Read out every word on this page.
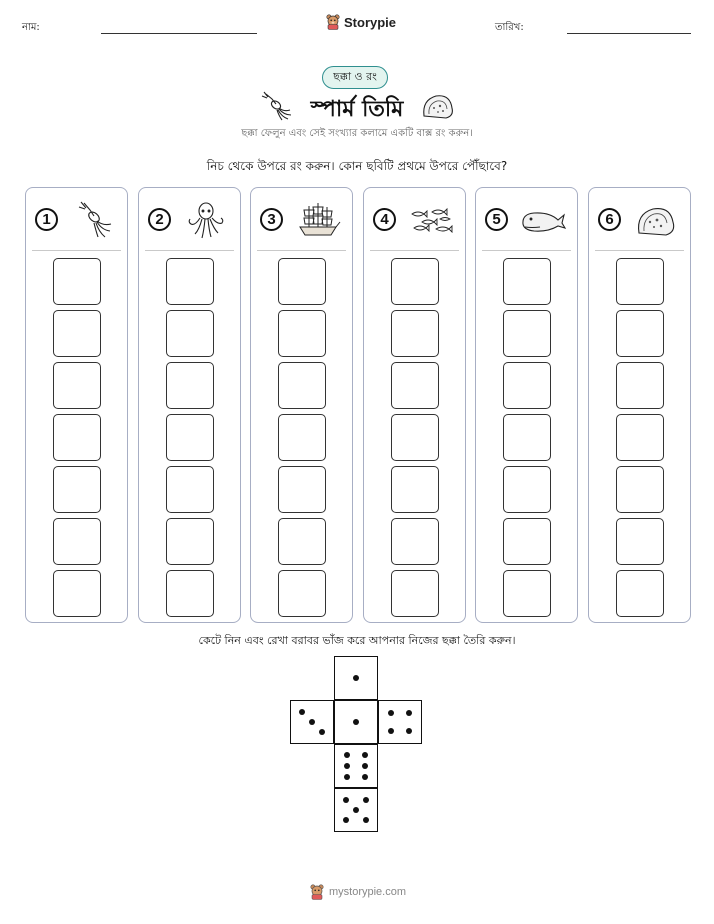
নাম:	Storypie	তারিখ:
ছক্কা ও রং
স্পার্ম তিমি
ছক্কা ফেলুন এবং সেই সংখ্যার কলামে একটি বাক্স রং করুন।
নিচ থেকে উপরে রং করুন। কোন ছবিটি প্রথমে উপরে পৌঁছাবে?
1	2	3	4	5	6
কেটে নিন এবং রেখা বরাবর ভাঁজ করে আপনার নিজের ছক্কা তৈরি করুন।
mystorypie.com
